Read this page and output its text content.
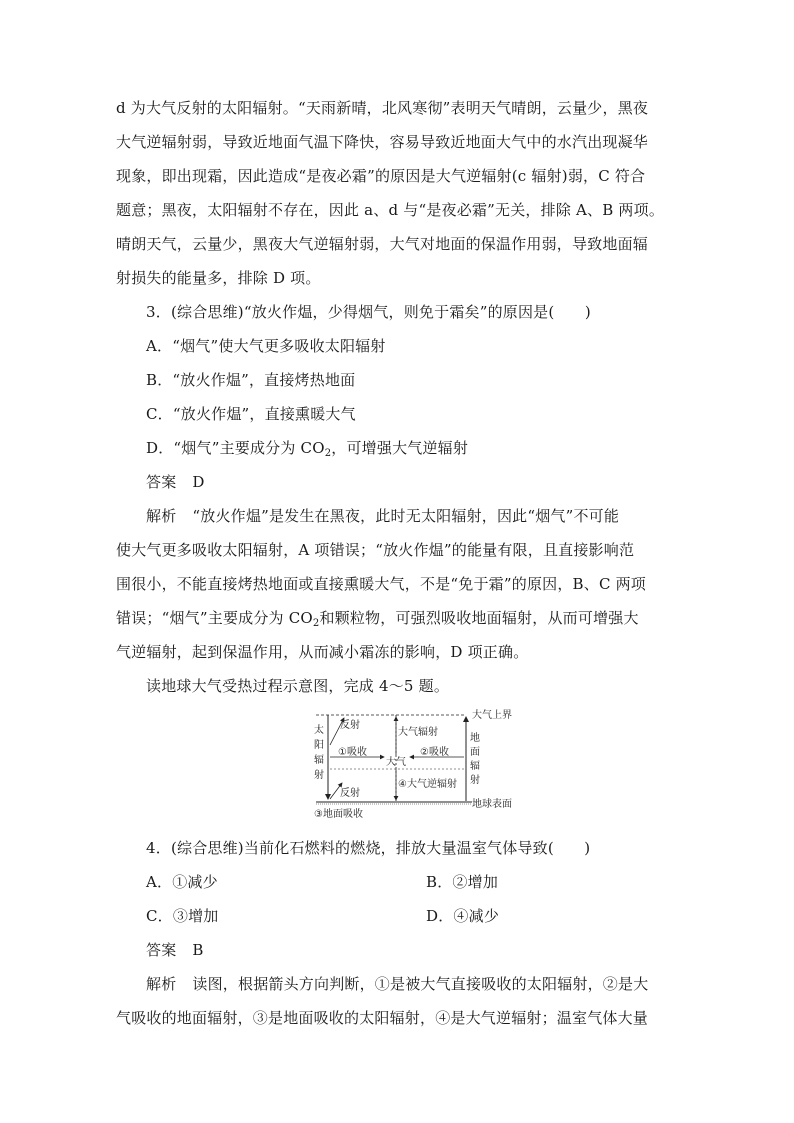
d 为大气反射的太阳辐射。“天雨新晴，北风寒彻”表明天气晴朗，云量少，黑夜
大气逆辐射弱，导致近地面气温下降快，容易导致近地面大气中的水汽出现凝华
现象，即出现霜，因此造成“是夜必霜”的原因是大气逆辐射(c 辐射)弱，C 符合
题意；黑夜，太阳辐射不存在，因此 a、d 与“是夜必霜”无关，排除 A、B 两项。
晴朗天气，云量少，黑夜大气逆辐射弱，大气对地面的保温作用弱，导致地面辐
射损失的能量多，排除 D 项。
3．(综合思维)“放火作煴，少得烟气，则免于霜矣”的原因是(　　)
A．“烟气”使大气更多吸收太阳辐射
B．“放火作煴”，直接烤热地面
C．“放火作煴”，直接熏暖大气
D．“烟气”主要成分为 $CO_2$，可增强大气逆辐射
答案 D
解析 “放火作煴”是发生在黑夜，此时无太阳辐射，因此“烟气”不可能
使大气更多吸收太阳辐射，A 项错误；“放火作煴”的能量有限，且直接影响范
围很小，不能直接烤热地面或直接熏暖大气，不是“免于霜”的原因，B、C 两项
错误；“烟气”主要成分为 $CO_2$和颗粒物，可强烈吸收地面辐射，从而可增强大
气逆辐射，起到保温作用，从而减小霜冻的影响，D 项正确。
读地球大气受热过程示意图，完成 4～5 题。
大气上界
地球表面
太
阳
辐
射
反射
①吸收
大气辐射
大气
④大气逆辐射
②吸收
地
面
辐
射
反射
③地面吸收
4．(综合思维)当前化石燃料的燃烧，排放大量温室气体导致(　　)
A．①减少	B．②增加
C．③增加	D．④减少
答案 B
解析 读图，根据箭头方向判断，①是被大气直接吸收的太阳辐射，②是大
气吸收的地面辐射，③是地面吸收的太阳辐射，④是大气逆辐射；温室气体大量
